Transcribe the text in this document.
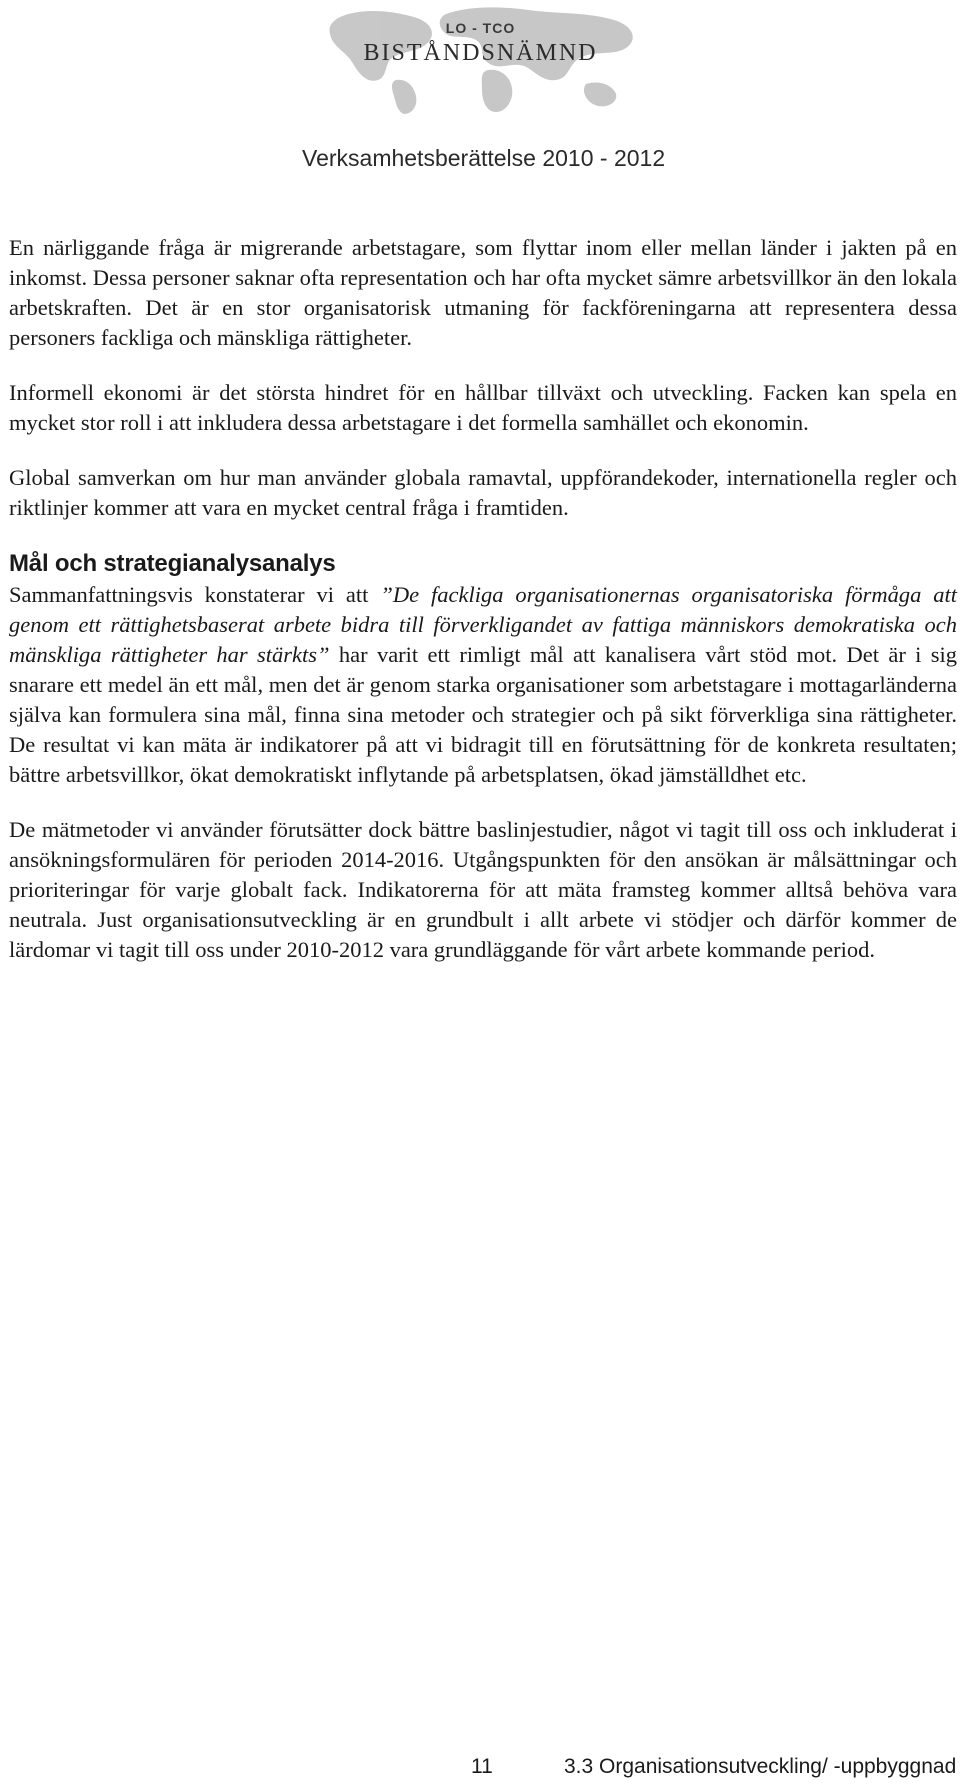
LO - TCO
BISTÅNDSNÄMND
Verksamhetsberättelse 2010 - 2012

En närliggande fråga är migrerande arbetstagare, som flyttar inom eller mellan länder i jakten på en inkomst. Dessa personer saknar ofta representation och har ofta mycket sämre arbetsvillkor än den lokala arbetskraften. Det är en stor organisatorisk utmaning för fackföreningarna att representera dessa personers fackliga och mänskliga rättigheter.

Informell ekonomi är det största hindret för en hållbar tillväxt och utveckling. Facken kan spela en mycket stor roll i att inkludera dessa arbetstagare i det formella samhället och ekonomin.

Global samverkan om hur man använder globala ramavtal, uppförandekoder, internationella regler och riktlinjer kommer att vara en mycket central fråga i framtiden.

Mål och strategianalysanalys

Sammanfattningsvis konstaterar vi att ”De fackliga organisationernas organisatoriska förmåga att genom ett rättighetsbaserat arbete bidra till förverkligandet av fattiga människors demokratiska och mänskliga rättigheter har stärkts” har varit ett rimligt mål att kanalisera vårt stöd mot. Det är i sig snarare ett medel än ett mål, men det är genom starka organisationer som arbetstagare i mottagarländerna själva kan formulera sina mål, finna sina metoder och strategier och på sikt förverkliga sina rättigheter. De resultat vi kan mäta är indikatorer på att vi bidragit till en förutsättning för de konkreta resultaten; bättre arbetsvillkor, ökat demokratiskt inflytande på arbetsplatsen, ökad jämställdhet etc.

De mätmetoder vi använder förutsätter dock bättre baslinjestudier, något vi tagit till oss och inkluderat i ansökningsformulären för perioden 2014-2016. Utgångspunkten för den ansökan är målsättningar och prioriteringar för varje globalt fack. Indikatorerna för att mäta framsteg kommer alltså behöva vara neutrala. Just organisationsutveckling är en grundbult i allt arbete vi stödjer och därför kommer de lärdomar vi tagit till oss under 2010-2012 vara grundläggande för vårt arbete kommande period.

11	3.3 Organisationsutveckling/ -uppbyggnad
